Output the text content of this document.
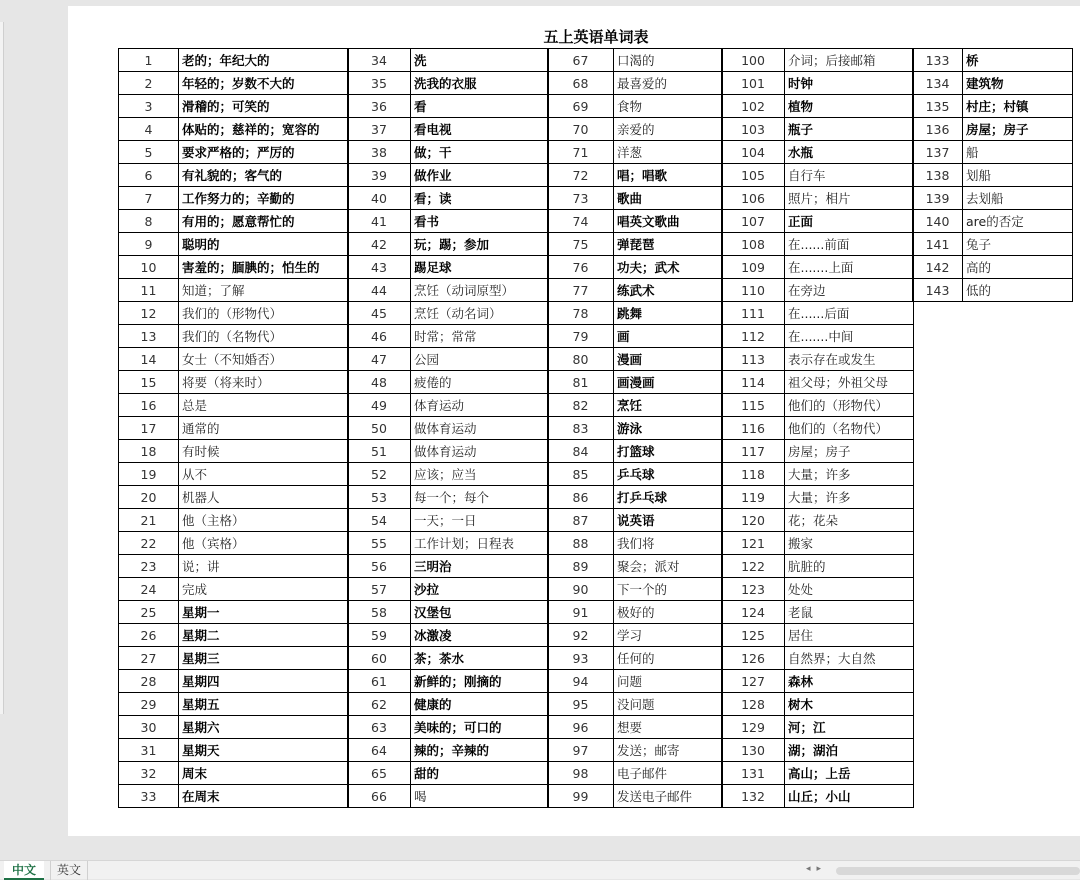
五上英语单词表
1	老的；年纪大的
2	年轻的；岁数不大的
3	滑稽的；可笑的
4	体贴的；慈祥的；宽容的
5	要求严格的；严厉的
6	有礼貌的；客气的
7	工作努力的；辛勤的
8	有用的；愿意帮忙的
9	聪明的
10	害羞的；腼腆的；怕生的
11	知道；了解
12	我们的（形物代）
13	我们的（名物代）
14	女士（不知婚否）
15	将要（将来时）
16	总是
17	通常的
18	有时候
19	从不
20	机器人
21	他（主格）
22	他（宾格）
23	说；讲
24	完成
25	星期一
26	星期二
27	星期三
28	星期四
29	星期五
30	星期六
31	星期天
32	周末
33	在周末
34	洗
35	洗我的衣服
36	看
37	看电视
38	做；干
39	做作业
40	看；读
41	看书
42	玩；踢；参加
43	踢足球
44	烹饪（动词原型）
45	烹饪（动名词）
46	时常；常常
47	公园
48	疲倦的
49	体育运动
50	做体育运动
51	做体育运动
52	应该；应当
53	每一个；每个
54	一天；一日
55	工作计划；日程表
56	三明治
57	沙拉
58	汉堡包
59	冰激凌
60	茶；茶水
61	新鲜的；刚摘的
62	健康的
63	美味的；可口的
64	辣的；辛辣的
65	甜的
66	喝
67	口渴的
68	最喜爱的
69	食物
70	亲爱的
71	洋葱
72	唱；唱歌
73	歌曲
74	唱英文歌曲
75	弹琵琶
76	功夫；武术
77	练武术
78	跳舞
79	画
80	漫画
81	画漫画
82	烹饪
83	游泳
84	打篮球
85	乒乓球
86	打乒乓球
87	说英语
88	我们将
89	聚会；派对
90	下一个的
91	极好的
92	学习
93	任何的
94	问题
95	没问题
96	想要
97	发送；邮寄
98	电子邮件
99	发送电子邮件
100	介词；后接邮箱
101	时钟
102	植物
103	瓶子
104	水瓶
105	自行车
106	照片；相片
107	正面
108	在......前面
109	在.......上面
110	在旁边
111	在......后面
112	在.......中间
113	表示存在或发生
114	祖父母；外祖父母
115	他们的（形物代）
116	他们的（名物代）
117	房屋；房子
118	大量；许多
119	大量；许多
120	花；花朵
121	搬家
122	肮脏的
123	处处
124	老鼠
125	居住
126	自然界；大自然
127	森林
128	树木
129	河；江
130	湖；湖泊
131	高山；上岳
132	山丘；小山
133	桥
134	建筑物
135	村庄；村镇
136	房屋；房子
137	船
138	划船
139	去划船
140	are的否定
141	兔子
142	高的
143	低的
中文	英文	◂▸
